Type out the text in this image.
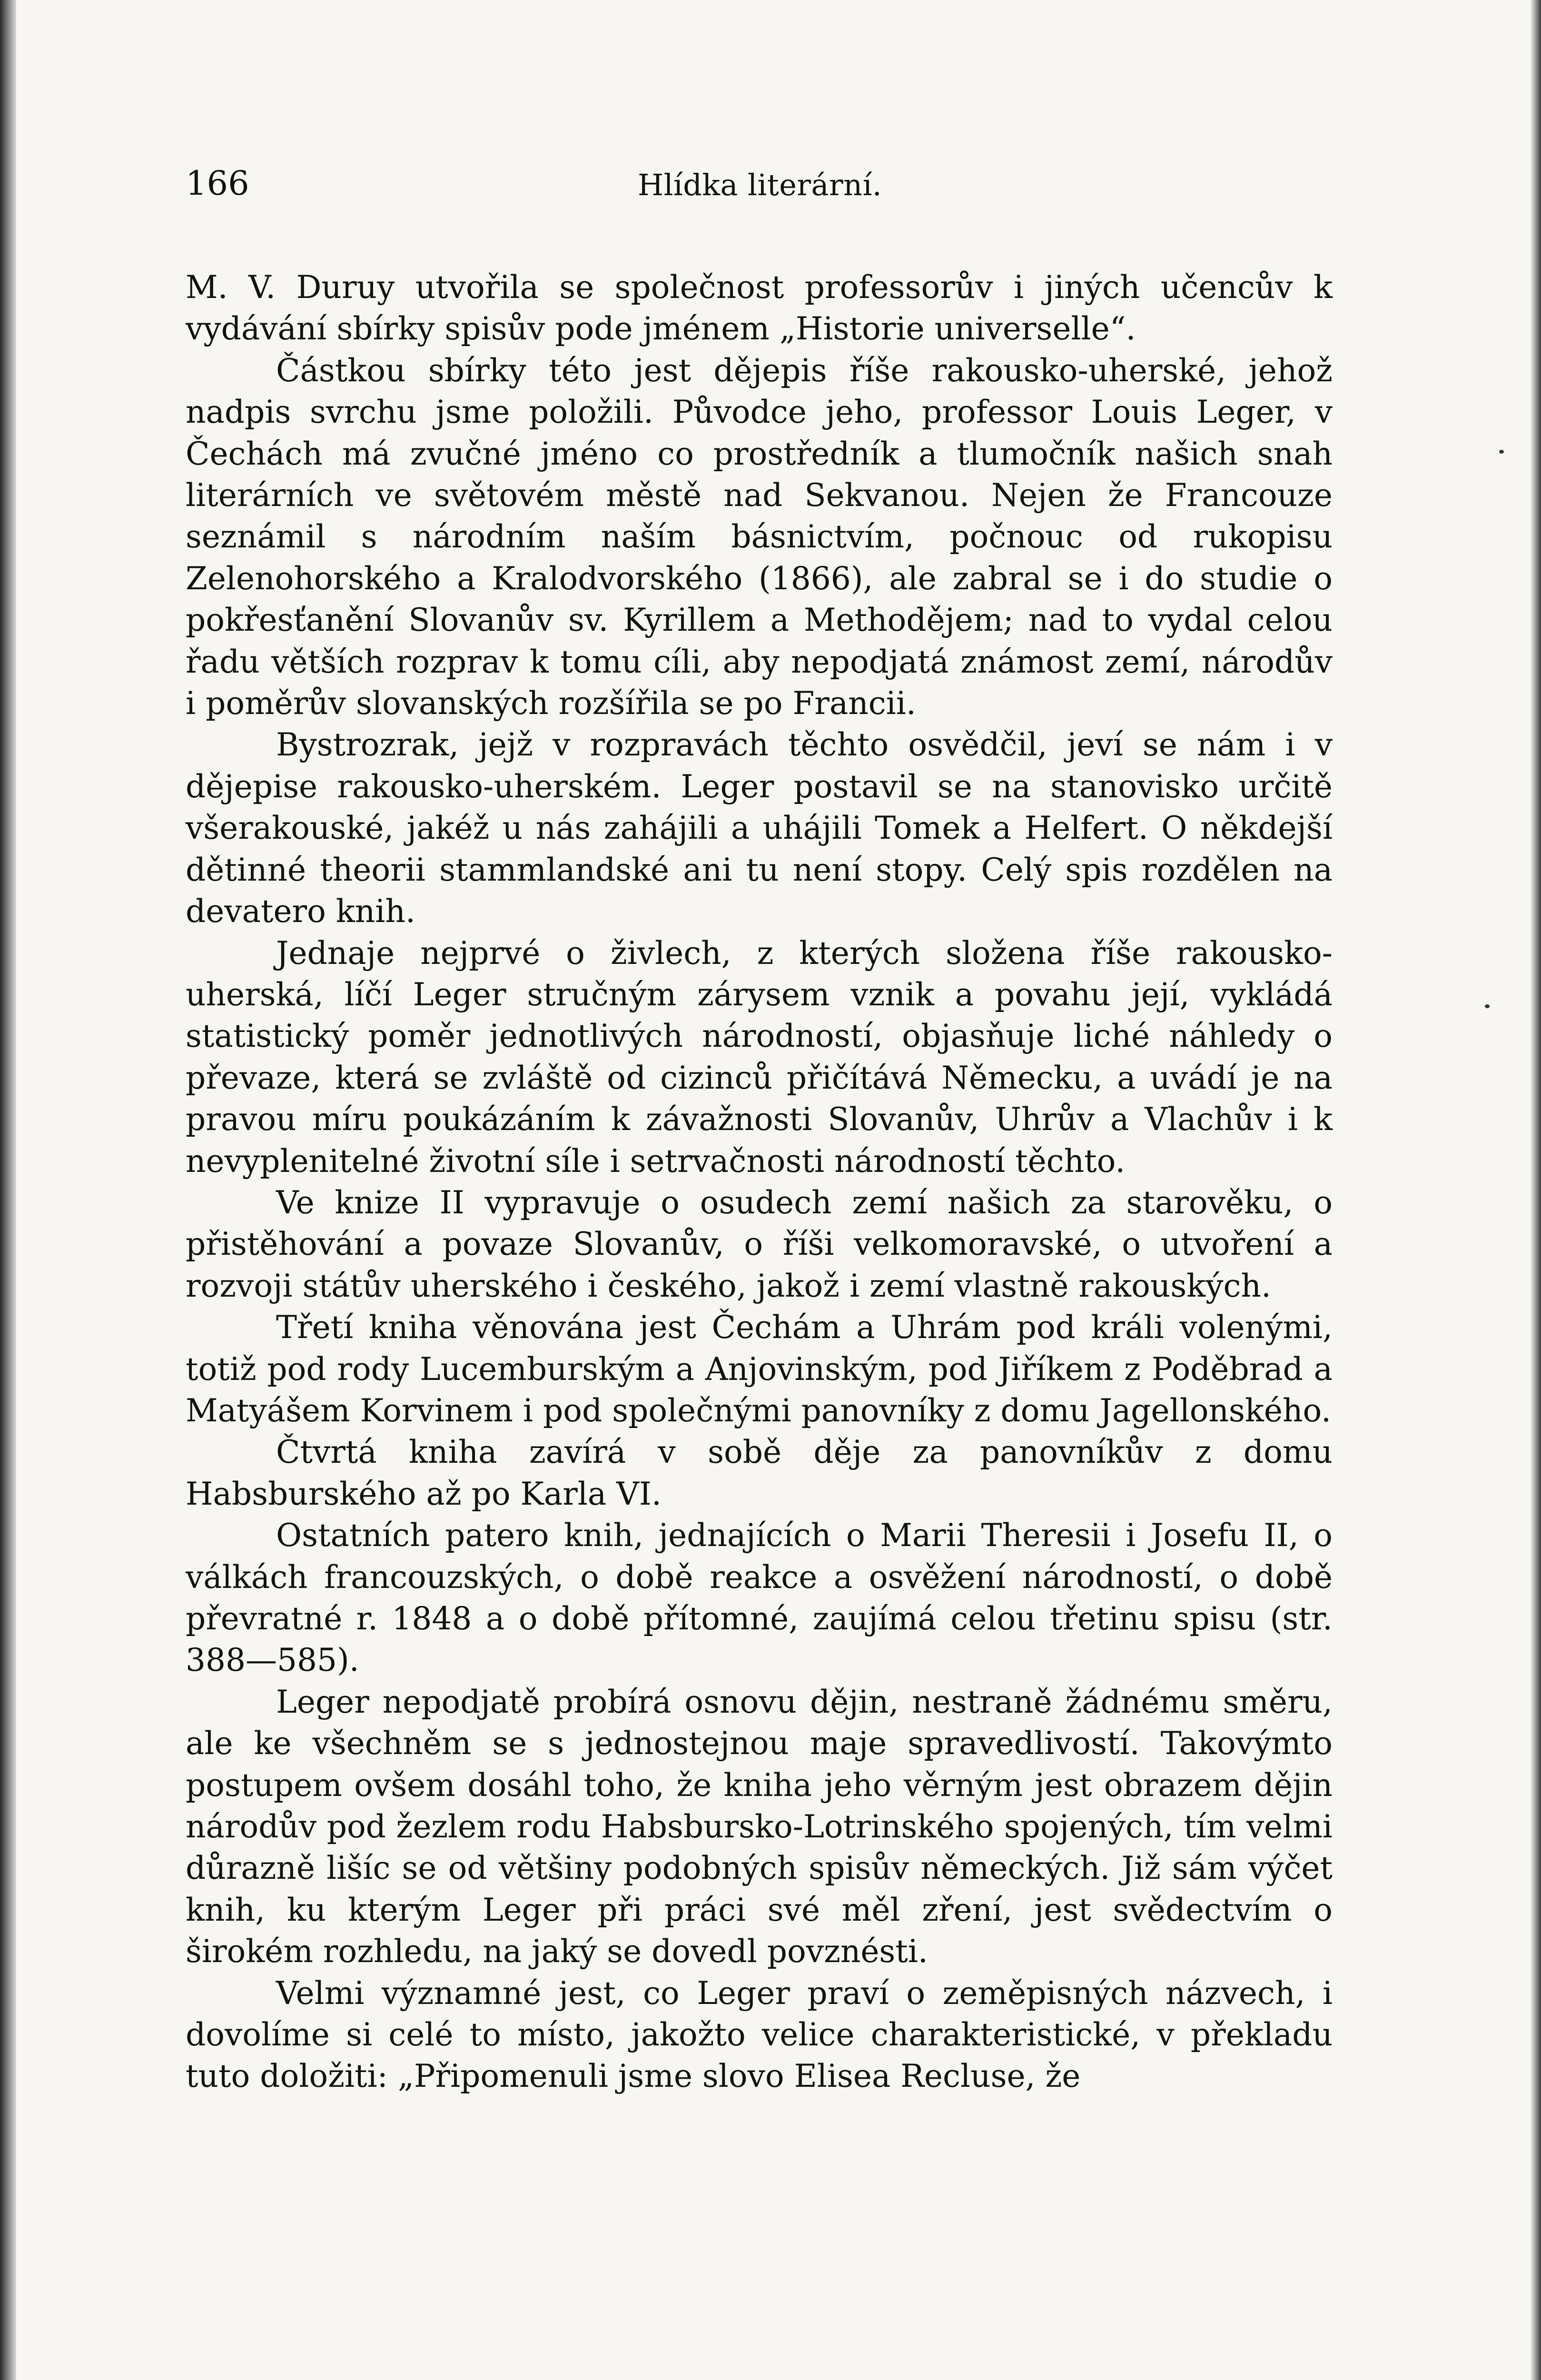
166	Hlídka literární.

M. V. Duruy utvořila se společnost professorův i jiných učencův k vydávání sbírky spisův pode jménem „Historie universelle“.

Částkou sbírky této jest dějepis říše rakousko-uherské, jehož nadpis svrchu jsme položili. Původce jeho, professor Louis Leger, v Čechách má zvučné jméno co prostředník a tlumočník našich snah literárních ve světovém městě nad Sekvanou. Nejen že Francouze seznámil s národním naším básnictvím, počnouc od rukopisu Zelenohorského a Kralodvorského (1866), ale zabral se i do studie o pokřesťanění Slovanův sv. Kyrillem a Methodějem; nad to vydal celou řadu větších rozprav k tomu cíli, aby nepodjatá známost zemí, národův i poměrův slovanských rozšířila se po Francii.

Bystrozrak, jejž v rozpravách těchto osvědčil, jeví se nám i v dějepise rakousko-uherském. Leger postavil se na stanovisko určitě všerakouské, jakéž u nás zahájili a uhájili Tomek a Helfert. O někdejší dětinné theorii stammlandské ani tu není stopy. Celý spis rozdělen na devatero knih.

Jednaje nejprvé o živlech, z kterých složena říše rakousko-uherská, líčí Leger stručným zárysem vznik a povahu její, vykládá statistický poměr jednotlivých národností, objasňuje liché náhledy o převaze, která se zvláště od cizinců přičítává Německu, a uvádí je na pravou míru poukázáním k závažnosti Slovanův, Uhrův a Vlachův i k nevyplenitelné životní síle i setrvačnosti národností těchto.

Ve knize II vypravuje o osudech zemí našich za starověku, o přistěhování a povaze Slovanův, o říši velkomoravské, o utvoření a rozvoji státův uherského i českého, jakož i zemí vlastně rakouských.

Třetí kniha věnována jest Čechám a Uhrám pod králi volenými, totiž pod rody Lucemburským a Anjovinským, pod Jiříkem z Poděbrad a Matyášem Korvinem i pod společnými panovníky z domu Jagellonského.

Čtvrtá kniha zavírá v sobě děje za panovníkův z domu Habsburského až po Karla VI.

Ostatních patero knih, jednajících o Marii Theresii i Josefu II, o válkách francouzských, o době reakce a osvěžení národností, o době převratné r. 1848 a o době přítomné, zaujímá celou třetinu spisu (str. 388—585).

Leger nepodjatě probírá osnovu dějin, nestraně žádnému směru, ale ke všechněm se s jednostejnou maje spravedlivostí. Takovýmto postupem ovšem dosáhl toho, že kniha jeho věrným jest obrazem dějin národův pod žezlem rodu Habsbursko-Lotrinského spojených, tím velmi důrazně lišíc se od většiny podobných spisův německých. Již sám výčet knih, ku kterým Leger při práci své měl zření, jest svědectvím o širokém rozhledu, na jaký se dovedl povznésti.

Velmi významné jest, co Leger praví o zeměpisných názvech, i dovolíme si celé to místo, jakožto velice charakteristické, v překladu tuto doložiti: „Připomenuli jsme slovo Elisea Recluse, že
